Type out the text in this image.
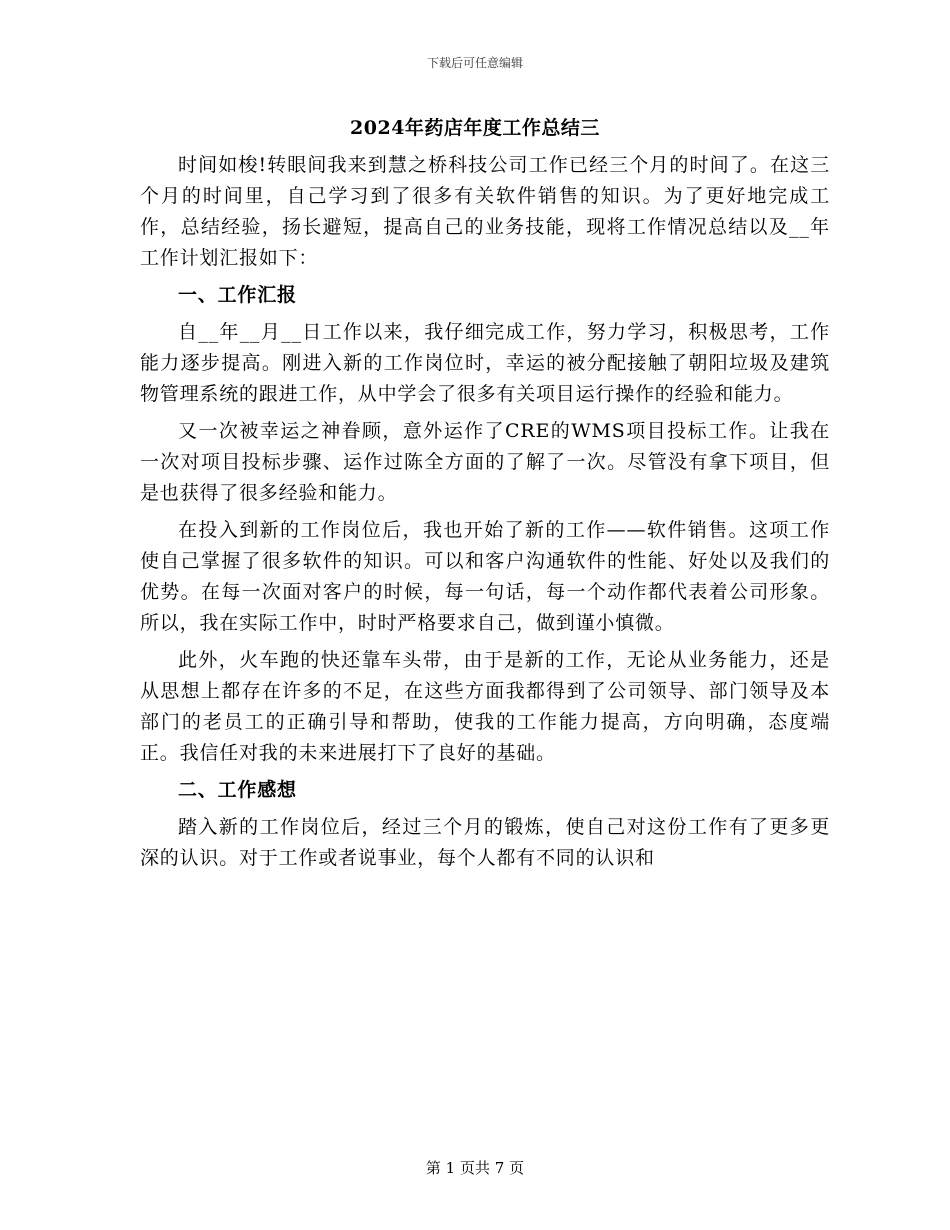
下载后可任意编辑
2024年药店年度工作总结三

时间如梭!转眼间我来到慧之桥科技公司工作已经三个月的时间了。在这三个月的时间里，自己学习到了很多有关软件销售的知识。为了更好地完成工作，总结经验，扬长避短，提高自己的业务技能，现将工作情况总结以及__年工作计划汇报如下：

一、工作汇报

自__年__月__日工作以来，我仔细完成工作，努力学习，积极思考，工作能力逐步提高。刚进入新的工作岗位时，幸运的被分配接触了朝阳垃圾及建筑物管理系统的跟进工作，从中学会了很多有关项目运行操作的经验和能力。

又一次被幸运之神眷顾，意外运作了CRE的WMS项目投标工作。让我在一次对项目投标步骤、运作过陈全方面的了解了一次。尽管没有拿下项目，但是也获得了很多经验和能力。

在投入到新的工作岗位后，我也开始了新的工作——软件销售。这项工作使自己掌握了很多软件的知识。可以和客户沟通软件的性能、好处以及我们的优势。在每一次面对客户的时候，每一句话，每一个动作都代表着公司形象。所以，我在实际工作中，时时严格要求自己，做到谨小慎微。

此外，火车跑的快还靠车头带，由于是新的工作，无论从业务能力，还是从思想上都存在许多的不足，在这些方面我都得到了公司领导、部门领导及本部门的老员工的正确引导和帮助，使我的工作能力提高，方向明确，态度端正。我信任对我的未来进展打下了良好的基础。

二、工作感想

踏入新的工作岗位后，经过三个月的锻炼，使自己对这份工作有了更多更深的认识。对于工作或者说事业，每个人都有不同的认识和

第 1 页共 7 页
